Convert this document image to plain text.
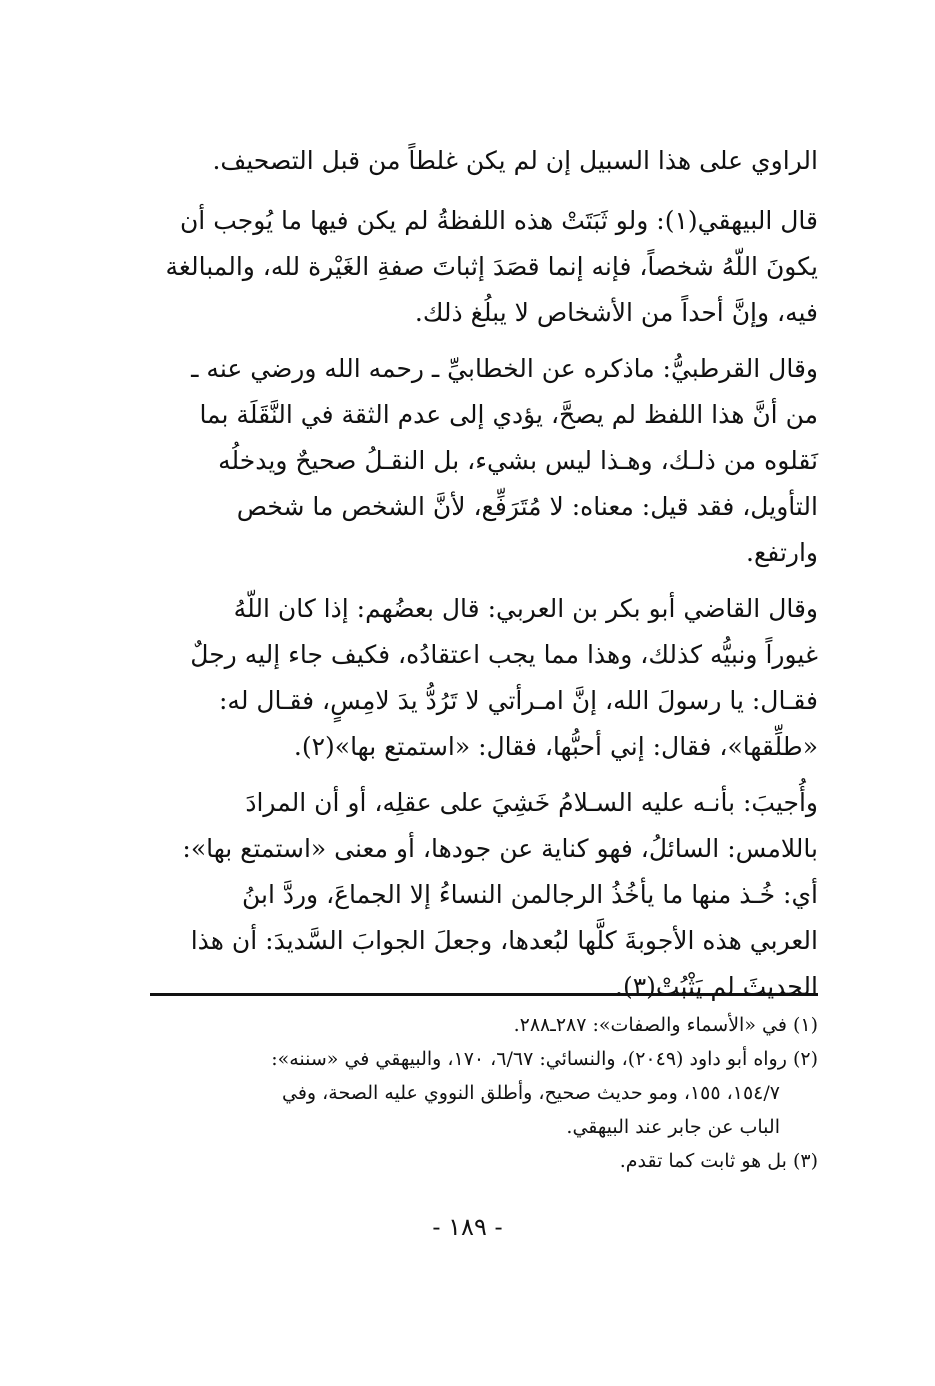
الراوي على هذا السبيل إن لم يكن غلطاً من قبل التصحيف.

قال البيهقي(١): ولو ثَبَتَتْ هذه اللفظةُ لم يكن فيها ما يُوجب أن
يكونَ اللّهُ شخصاً، فإنه إنما قصَدَ إثباتَ صفةِ الغَيْرة لله، والمبالغة
فيه، وإنَّ أحداً من الأشخاص لا يبلُغ ذلك.

وقال القرطبيُّ: ماذكره عن الخطابيِّ ـ رحمه الله ورضي عنه ـ
من أنَّ هذا اللفظ لم يصحَّ، يؤدي إلى عدم الثقة في النَّقَلَة بما
نَقلوه من ذلـك، وهـذا ليس بشيء، بل النقـلُ صحيحٌ ويدخلُه
التأويل، فقد قيل: معناه: لا مُتَرَفِّع، لأنَّ الشخص ما شخص
وارتفع.

وقال القاضي أبو بكر بن العربي: قال بعضُهم: إذا كان اللّهُ
غيوراً ونبيُّه كذلك، وهذا مما يجب اعتقادُه، فكيف جاء إليه رجلٌ
فقـال: يا رسولَ الله، إنَّ امـرأتي لا تَرُدُّ يدَ لامِسٍ، فقـال له:
«طلِّقها»، فقال: إني أحبُّها، فقال: «استمتع بها»(٢).

وأُجيبَ: بأنـه عليه السـلامُ خَشِيَ على عقلِه، أو أن المرادَ
باللامس: السائلُ، فهو كناية عن جودها، أو معنى «استمتع بها»:
أي: خُـذ منها ما يأخُذُ الرجالمن النساءُ إلا الجماعَ، وردَّ ابنُ
العربي هذه الأجوبةَ كلَّها لبُعدها، وجعلَ الجوابَ السَّديدَ: أن هذا
الحديثَ لم يَثْبُتْ(٣).

(١) في «الأسماء والصفات»: ٢٨٧ـ٢٨٨.

(٢) رواه أبو داود (٢٠٤٩)، والنسائي: ٦/٦٧، ١٧٠، والبيهقي في «سننه»:
١٥٤/٧، ١٥٥، ومو حديث صحيح، وأطلق النووي عليه الصحة، وفي
الباب عن جابر عند البيهقي.

(٣) بل هو ثابت كما تقدم.

- ١٨٩ -
